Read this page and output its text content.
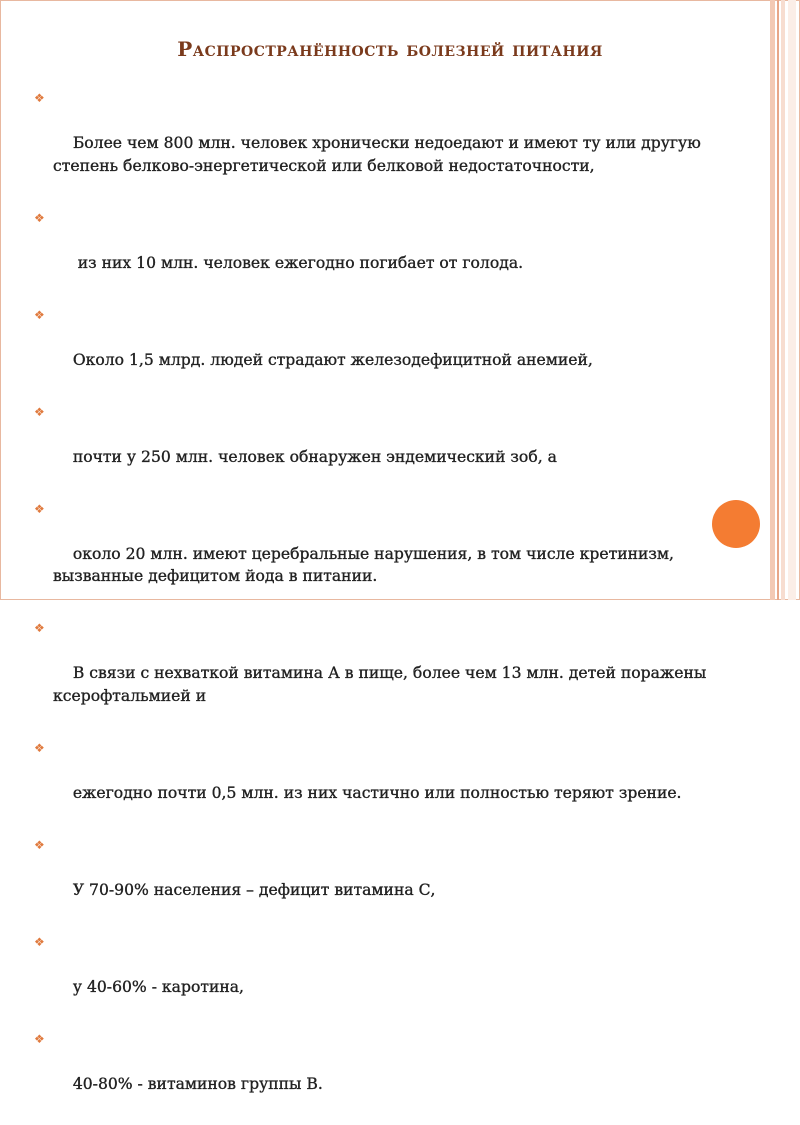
Распространённость болезней питания

❖

Более чем 800 млн. человек хронически недоедают и имеют ту или другую степень белково-энергетической или белковой недостаточности,

❖

из них 10 млн. человек ежегодно погибает от голода.

❖

Около 1,5 млрд. людей страдают железодефицитной анемией,

❖

почти у 250 млн. человек обнаружен эндемический зоб, а

❖

около 20 млн. имеют церебральные нарушения, в том числе кретинизм, вызванные дефицитом йода в питании.

❖

В связи с нехваткой витамина А в пище, более чем 13 млн. детей поражены ксерофтальмией и

❖

ежегодно почти 0,5 млн. из них частично или полностью теряют зрение.

❖

У 70-90% населения – дефицит витамина С,

❖

у 40-60% - каротина,

❖

40-80% - витаминов группы В.
